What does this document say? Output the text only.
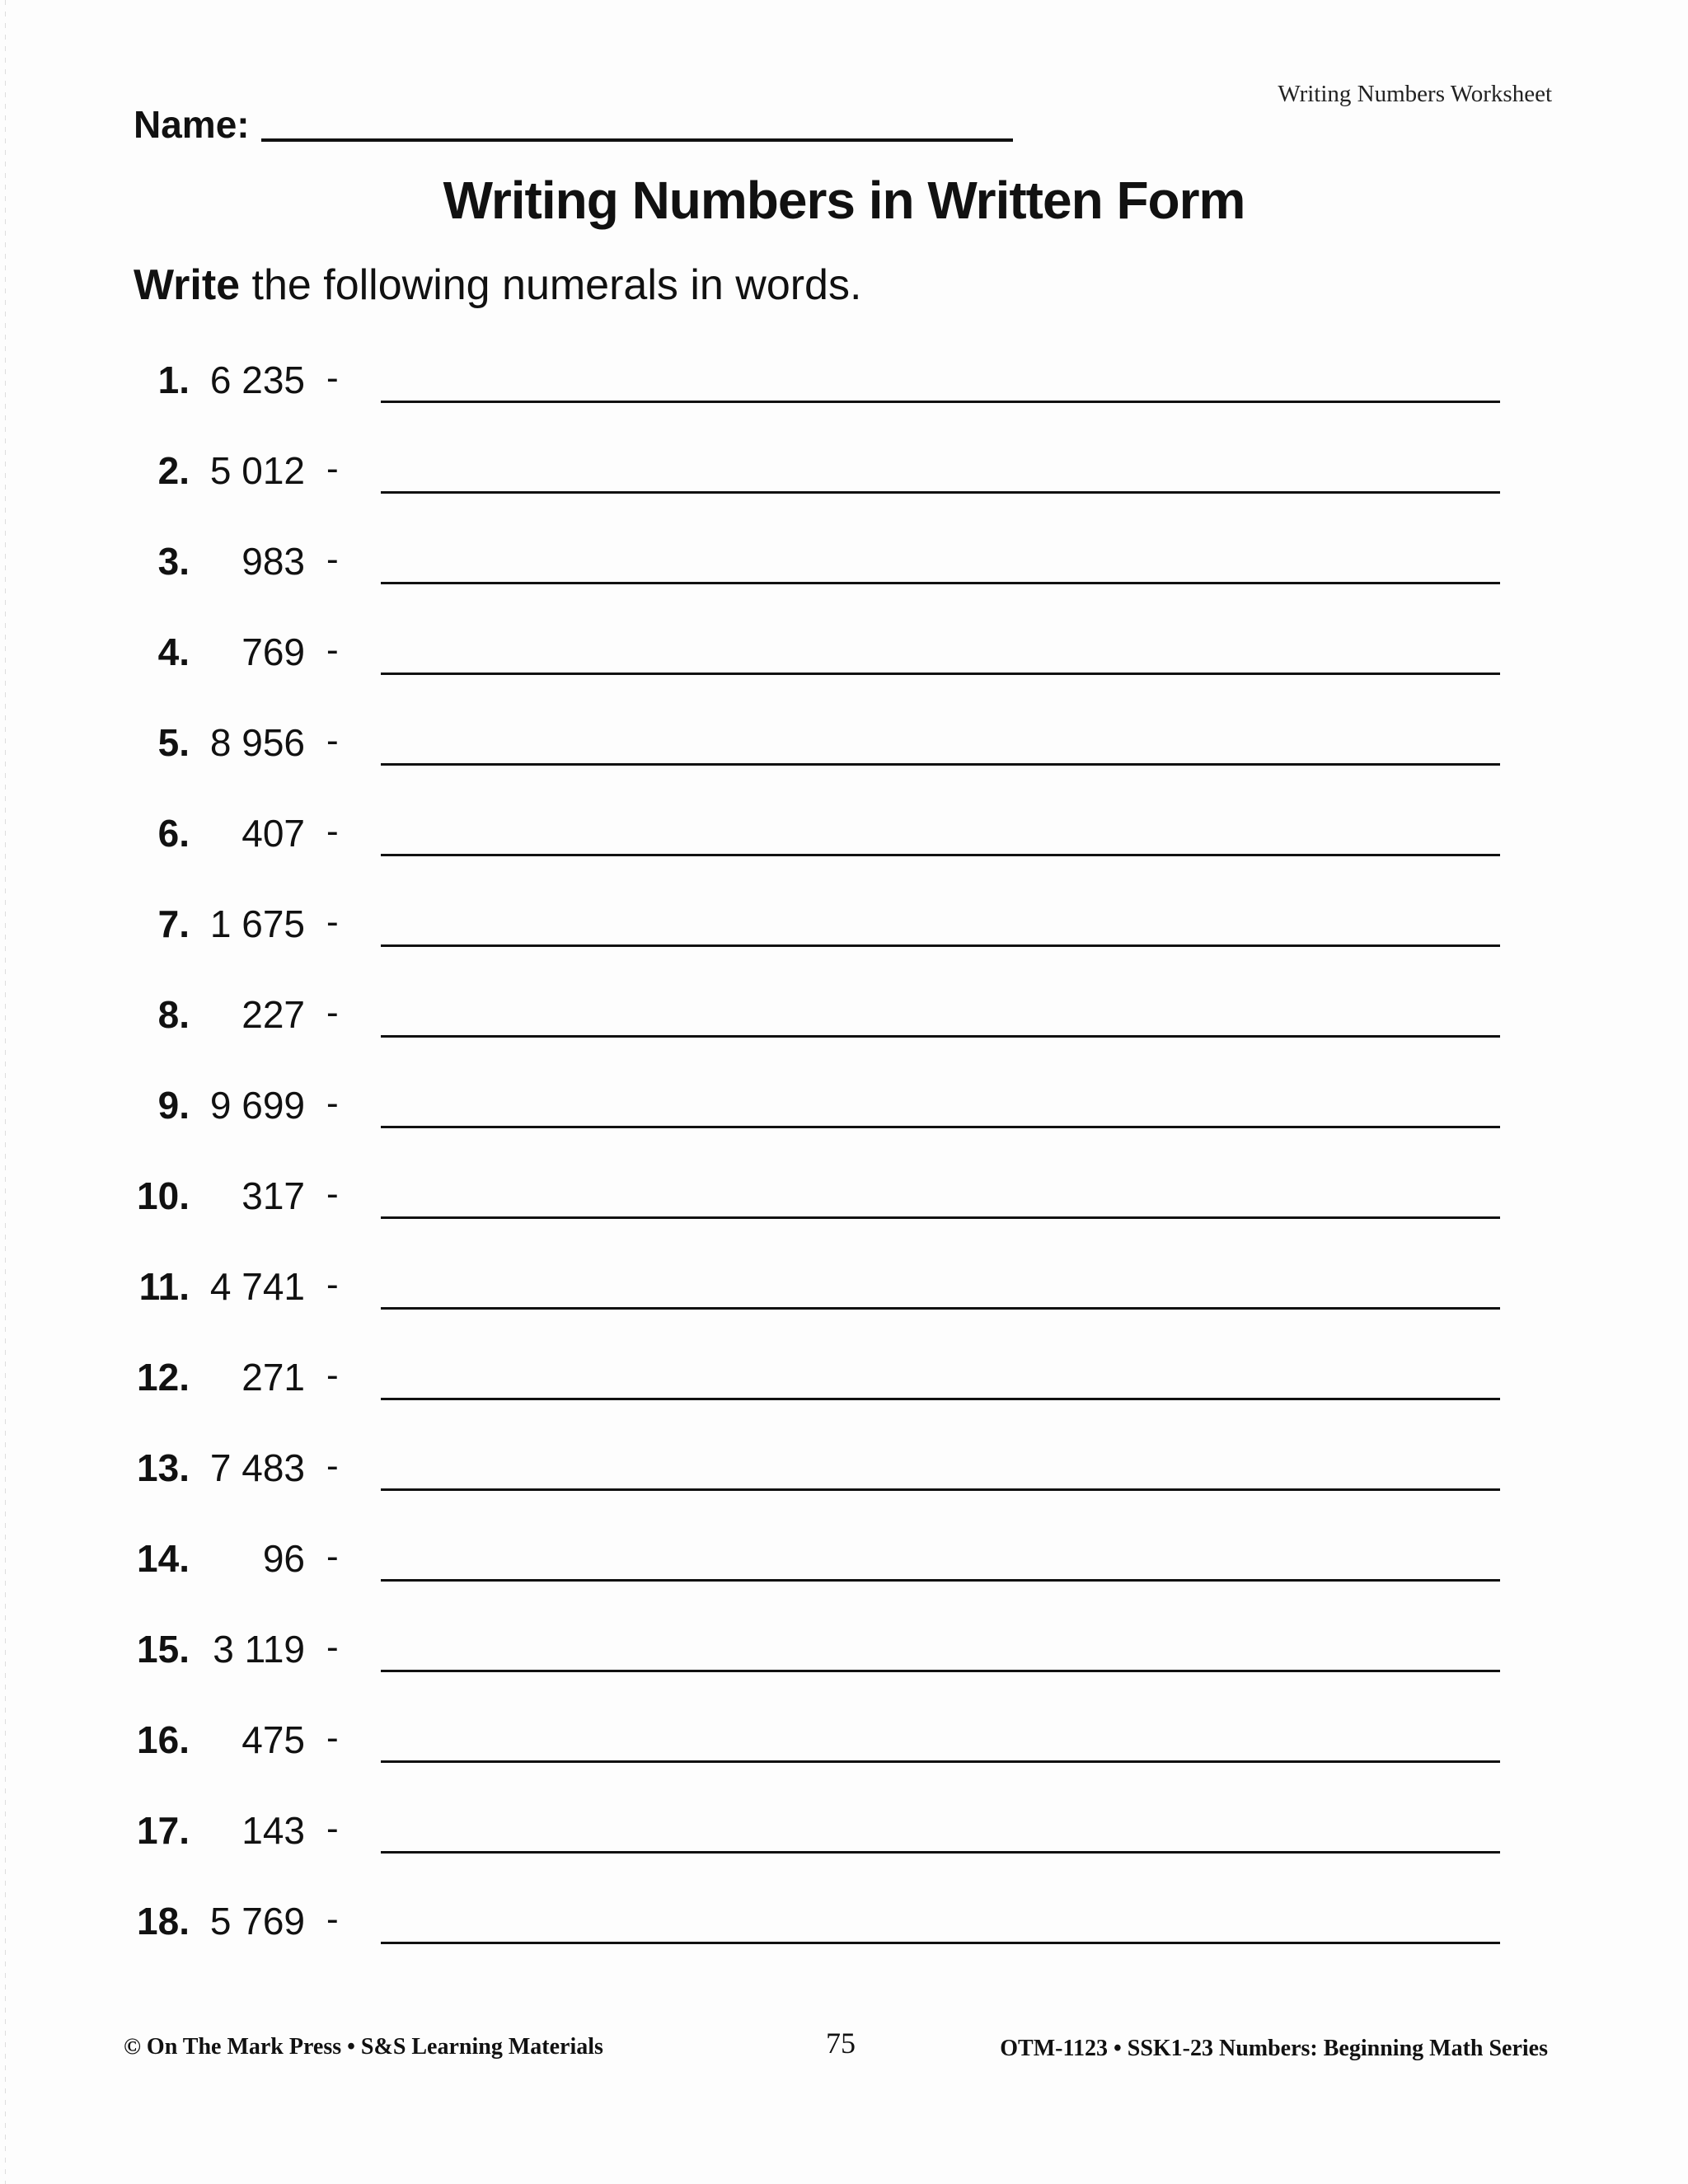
Writing Numbers Worksheet
Name:
Writing Numbers in Written Form
Write the following numerals in words.
1. 6 235 -
2. 5 012 -
3.	983 -
4.	769 -
5. 8 956 -
6.	407 -
7. 1 675 -
8.	227 -
9. 9 699 -
10.	317 -
11. 4 741 -
12.	271 -
13. 7 483 -
14.	96 -
15. 3 119 -
16.	475 -
17.	143 -
18. 5 769 -
© On The Mark Press • S&S Learning Materials	75	OTM-1123 • SSK1-23 Numbers: Beginning Math Series
